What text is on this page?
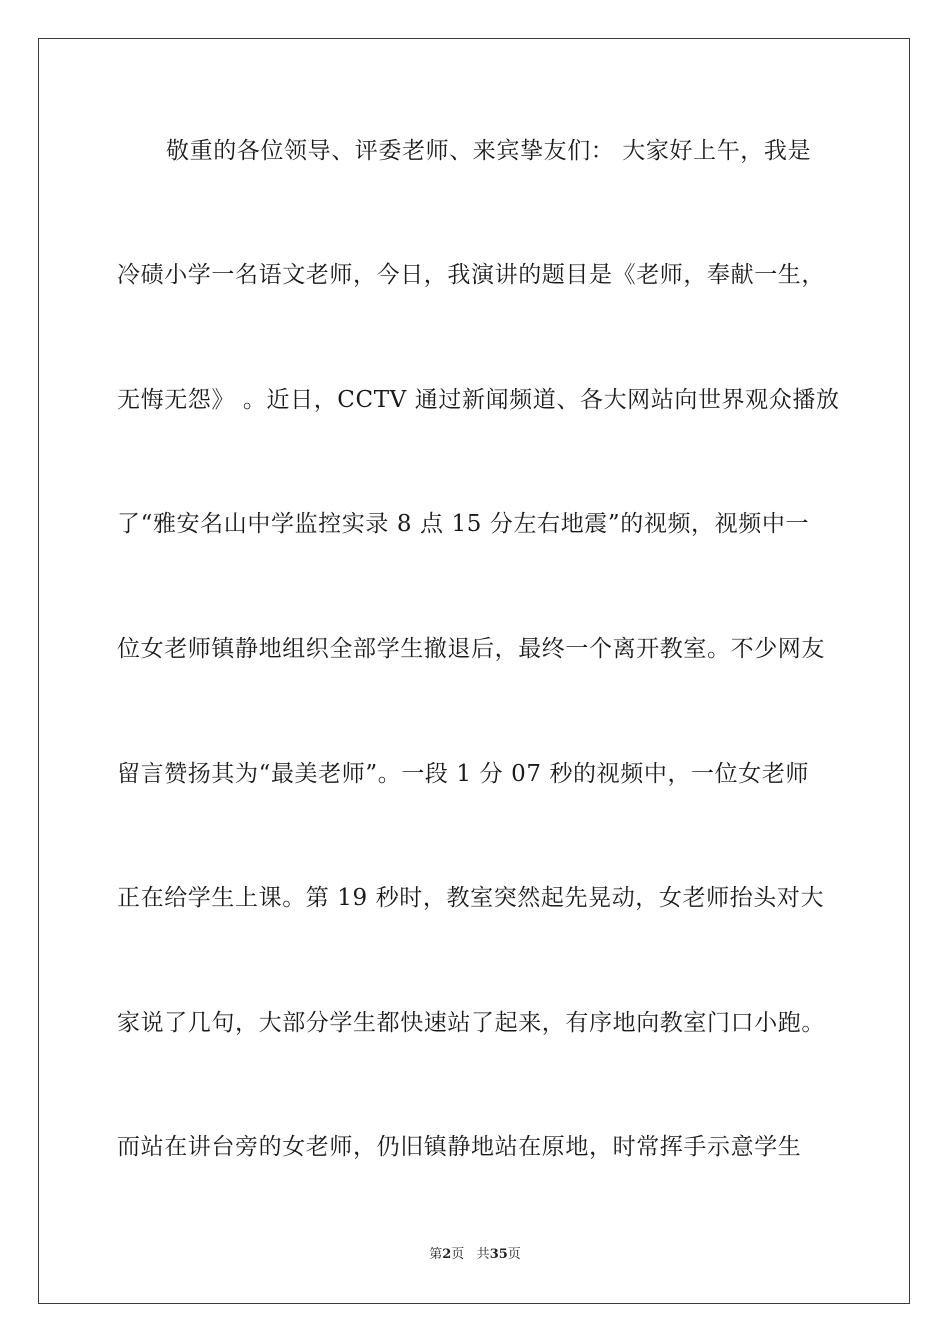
敬重的各位领导、评委老师、来宾挚友们： 大家好上午，我是
冷碛小学一名语文老师，今日，我演讲的题目是《老师，奉献一生，
无悔无怨》 。近日，CCTV 通过新闻频道、各大网站向世界观众播放
了“雅安名山中学监控实录 8 点 15 分左右地震”的视频，视频中一
位女老师镇静地组织全部学生撤退后，最终一个离开教室。不少网友
留言赞扬其为“最美老师”。一段 1 分 07 秒的视频中，一位女老师
正在给学生上课。第 19 秒时，教室突然起先晃动，女老师抬头对大
家说了几句，大部分学生都快速站了起来，有序地向教室门口小跑。
而站在讲台旁的女老师，仍旧镇静地站在原地，时常挥手示意学生
第2页 共35页
